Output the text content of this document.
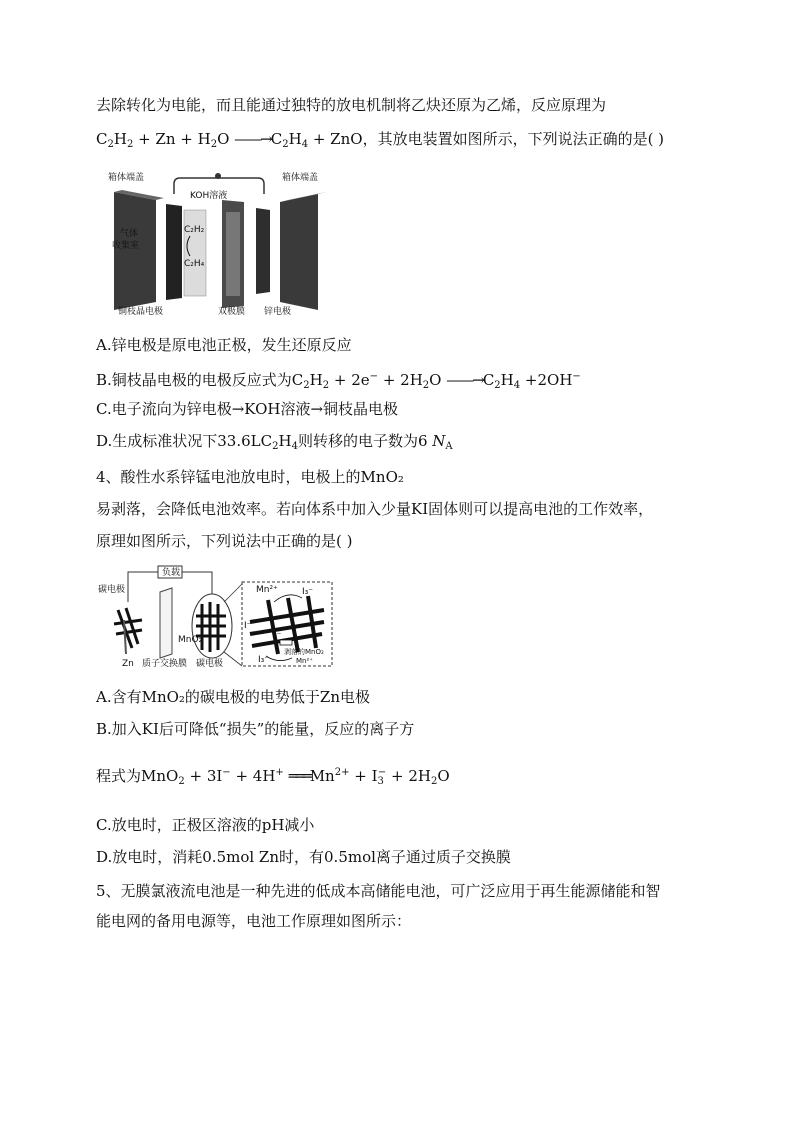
去除转化为电能，而且能通过独特的放电机制将乙炔还原为乙烯，反应原理为
$C_2H_2 + Zn + H_2O$ $——\to C_2H_4$ + ZnO，其放电装置如图所示，下列说法正确的是( )
箱体端盖	箱体端盖
KOH溶液
气体
收集室
C₂H₂
C₂H₄
铜枝晶电极	双极膜 锌电极
A.锌电极是原电池正极，发生还原反应
B.铜枝晶电极的电极反应式为$C_2H_2 + 2e^- + 2H_2O$ $——\to C_2H_4 +2OH^-$
C.电子流向为锌电极→KOH溶液→铜枝晶电极
D.生成标准状况下$33.6LC_2H_4$则转移的电子数为6 $N_A$
4、酸性水系锌锰电池放电时，电极上的MnO₂
易剥落，会降低电池效率。若向体系中加入少量KI固体则可以提高电池的工作效率，
原理如图所示，下列说法中正确的是( )
碳电极
Zn
负载
质子交换膜
MnO₂
碳电极
Mn²⁺	I₃⁻
I⁻
I⁻
I₃⁻
剥落的MnO₂
Mn²⁺
A.含有MnO₂的碳电极的电势低于Zn电极
B.加入KI后可降低“损失”的能量，反应的离子方
程式为MnO$_2$ + 3I− + 4H+ $═══Mn^{2+} + I_3^- + 2H_2O$
C.放电时，正极区溶液的pH减小
D.放电时，消耗0.5mol Zn时，有0.5mol离子通过质子交换膜
5、无膜氯液流电池是一种先进的低成本高储能电池，可广泛应用于再生能源储能和智
能电网的备用电源等，电池工作原理如图所示：
